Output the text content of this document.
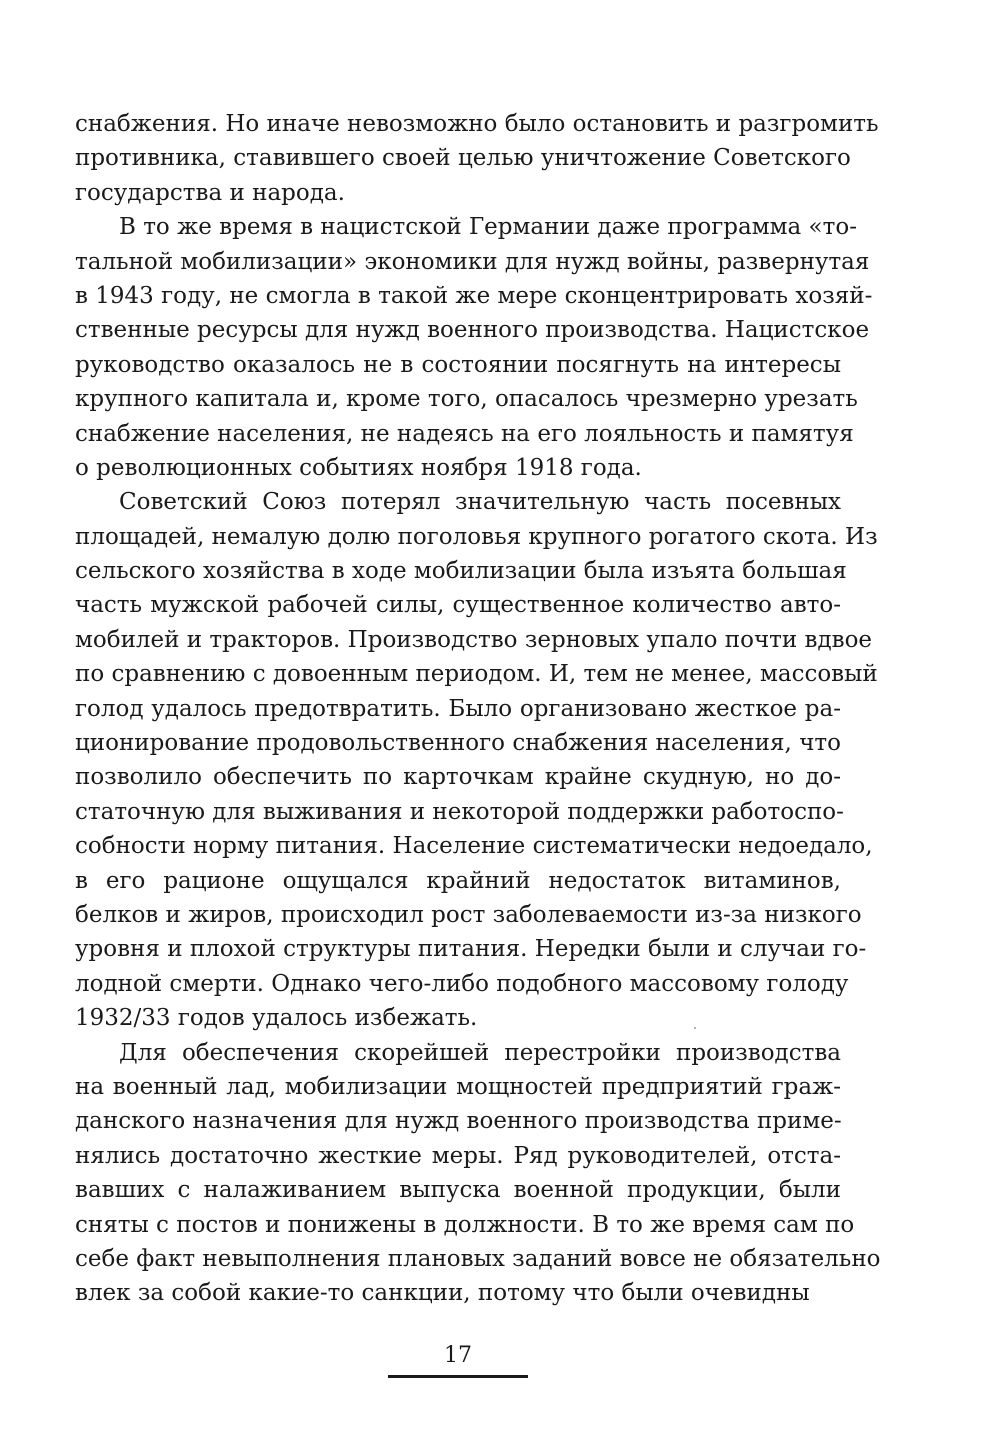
снабжения. Но иначе невозможно было остановить и разгромить
противника, ставившего своей целью уничтожение Советского
государства и народа.
В то же время в нацистской Германии даже программа «то-
тальной мобилизации» экономики для нужд войны, развернутая
в 1943 году, не смогла в такой же мере сконцентрировать хозяй-
ственные ресурсы для нужд военного производства. Нацистское
руководство оказалось не в состоянии посягнуть на интересы
крупного капитала и, кроме того, опасалось чрезмерно урезать
снабжение населения, не надеясь на его лояльность и памятуя
о революционных событиях ноября 1918 года.
Советский Союз потерял значительную часть посевных
площадей, немалую долю поголовья крупного рогатого скота. Из
сельского хозяйства в ходе мобилизации была изъята большая
часть мужской рабочей силы, существенное количество авто-
мобилей и тракторов. Производство зерновых упало почти вдвое
по сравнению с довоенным периодом. И, тем не менее, массовый
голод удалось предотвратить. Было организовано жесткое ра-
ционирование продовольственного снабжения населения, что
позволило обеспечить по карточкам крайне скудную, но до-
статочную для выживания и некоторой поддержки работоспо-
собности норму питания. Население систематически недоедало,
в его рационе ощущался крайний недостаток витаминов,
белков и жиров, происходил рост заболеваемости из-за низкого
уровня и плохой структуры питания. Нередки были и случаи го-
лодной смерти. Однако чего-либо подобного массовому голоду
1932/33 годов удалось избежать.
Для обеспечения скорейшей перестройки производства
на военный лад, мобилизации мощностей предприятий граж-
данского назначения для нужд военного производства приме-
нялись достаточно жесткие меры. Ряд руководителей, отста-
вавших с налаживанием выпуска военной продукции, были
сняты с постов и понижены в должности. В то же время сам по
себе факт невыполнения плановых заданий вовсе не обязательно
влек за собой какие-то санкции, потому что были очевидны
17
